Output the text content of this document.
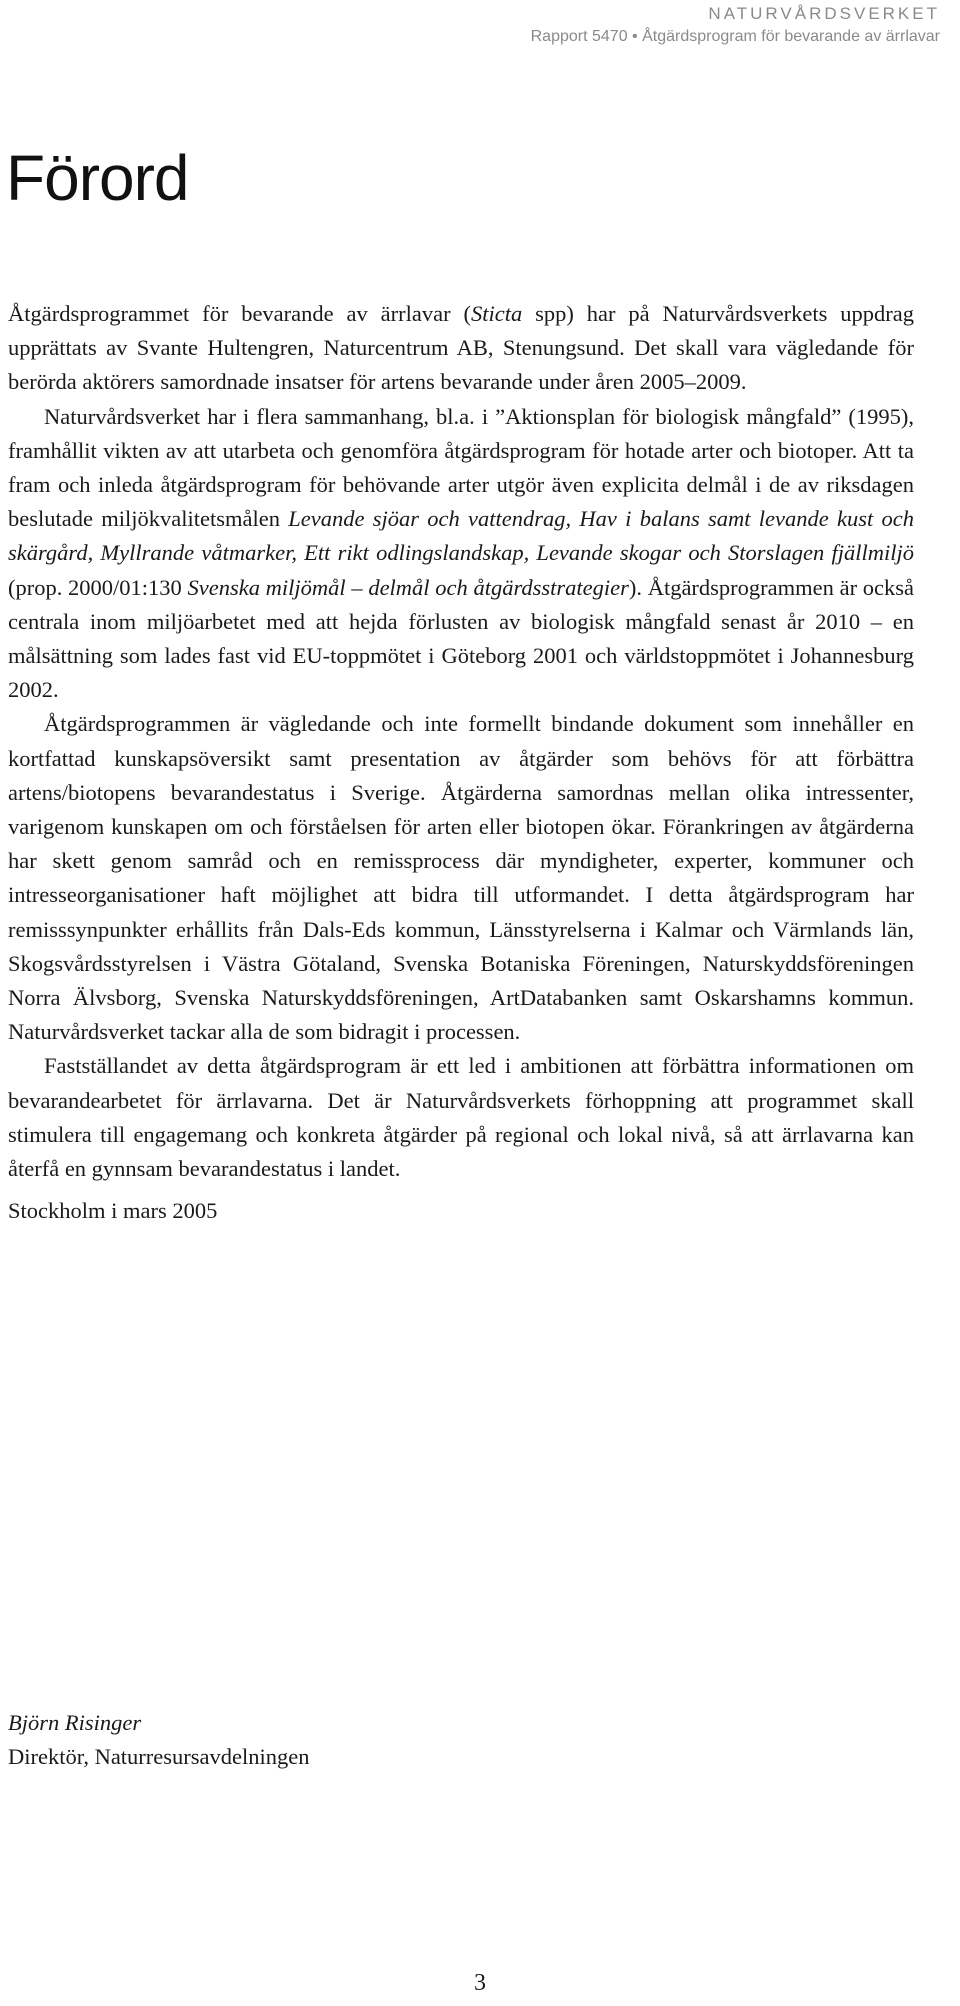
NATURVÅRDSVERKET
Rapport 5470 • Åtgärdsprogram för bevarande av ärrlavar
Förord

Åtgärdsprogrammet för bevarande av ärrlavar (Sticta spp) har på Naturvårdsverkets uppdrag upprättats av Svante Hultengren, Naturcentrum AB, Stenungsund. Det skall vara vägledande för berörda aktörers samordnade insatser för artens bevarande under åren 2005–2009.

Naturvårdsverket har i flera sammanhang, bl.a. i ”Aktionsplan för biologisk mångfald” (1995), framhållit vikten av att utarbeta och genomföra åtgärdsprogram för hotade arter och biotoper. Att ta fram och inleda åtgärdsprogram för behövande arter utgör även explicita delmål i de av riksdagen beslutade miljökvalitetsmålen Levande sjöar och vattendrag, Hav i balans samt levande kust och skärgård, Myllrande våtmarker, Ett rikt odlingslandskap, Levande skogar och Storslagen fjällmiljö (prop. 2000/01:130 Svenska miljömål – delmål och åtgärdsstrategier). Åtgärdsprogrammen är också centrala inom miljöarbetet med att hejda förlusten av biologisk mångfald senast år 2010 – en målsättning som lades fast vid EU-toppmötet i Göteborg 2001 och världstoppmötet i Johannesburg 2002.

Åtgärdsprogrammen är vägledande och inte formellt bindande dokument som innehåller en kortfattad kunskapsöversikt samt presentation av åtgärder som behövs för att förbättra artens/biotopens bevarandestatus i Sverige. Åtgärderna samordnas mellan olika intressenter, varigenom kunskapen om och förståelsen för arten eller biotopen ökar. Förankringen av åtgärderna har skett genom samråd och en remissprocess där myndigheter, experter, kommuner och intresseorganisationer haft möjlighet att bidra till utformandet. I detta åtgärdsprogram har remisssynpunkter erhållits från Dals-Eds kommun, Länsstyrelserna i Kalmar och Värmlands län, Skogsvårdsstyrelsen i Västra Götaland, Svenska Botaniska Föreningen, Naturskyddsföreningen Norra Älvsborg, Svenska Naturskyddsföreningen, ArtDatabanken samt Oskarshamns kommun. Naturvårdsverket tackar alla de som bidragit i processen.

Fastställandet av detta åtgärdsprogram är ett led i ambitionen att förbättra informationen om bevarandearbetet för ärrlavarna. Det är Naturvårdsverkets förhoppning att programmet skall stimulera till engagemang och konkreta åtgärder på regional och lokal nivå, så att ärrlavarna kan återfå en gynnsam bevarandestatus i landet.

Stockholm i mars 2005

Björn Risinger
Direktör, Naturresursavdelningen
3
